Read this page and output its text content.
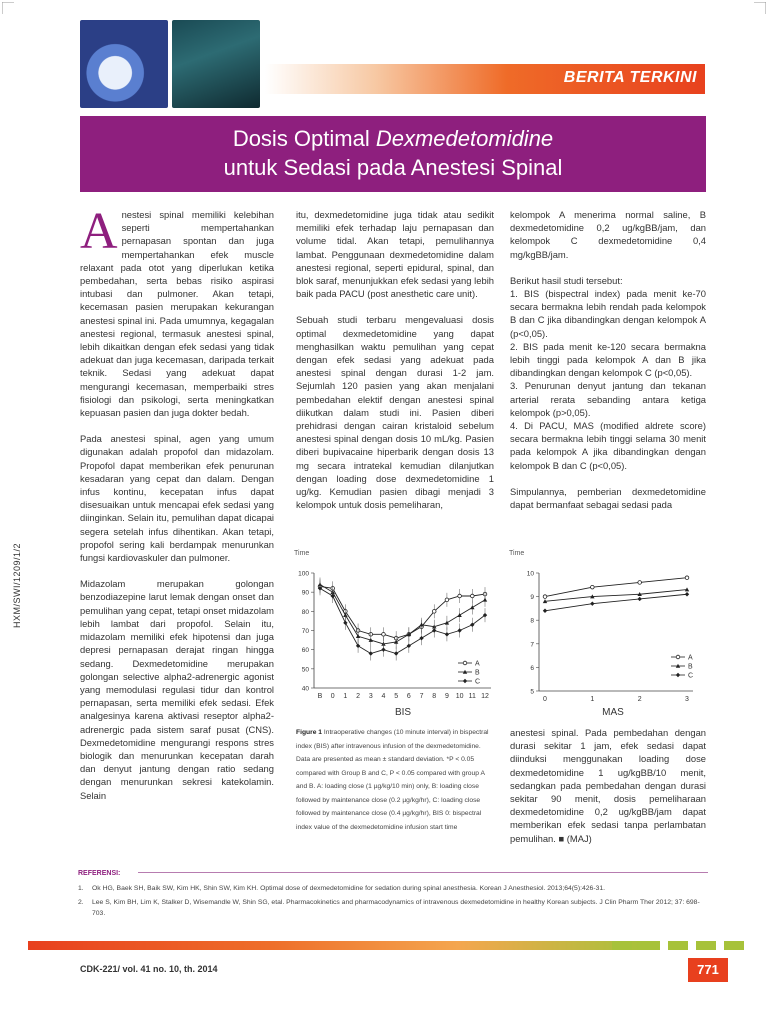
BERITA TERKINI
Dosis Optimal Dexmedetomidine
untuk Sedasi pada Anestesi Spinal
HXM/SWI/1209/1/2

Anestesi spinal memiliki kelebihan seperti mempertahankan pernapasan spontan dan juga mempertahankan efek muscle relaxant pada otot yang diperlukan ketika pembedahan, serta bebas risiko aspirasi intubasi dan pulmoner. Akan tetapi, kecemasan pasien merupakan kekurangan anestesi spinal ini. Pada umumnya, kegagalan anestesi regional, termasuk anestesi spinal, lebih dikaitkan dengan efek sedasi yang tidak adekuat dan juga kecemasan, daripada terkait teknik. Sedasi yang adekuat dapat mengurangi kecemasan, memperbaiki stres fisiologi dan psikologi, serta meningkatkan kepuasan pasien dan juga dokter bedah.

Pada anestesi spinal, agen yang umum digunakan adalah propofol dan midazolam. Propofol dapat memberikan efek penurunan kesadaran yang cepat dan dalam. Dengan infus kontinu, kecepatan infus dapat disesuaikan untuk mencapai efek sedasi yang diinginkan. Selain itu, pemulihan dapat dicapai segera setelah infus dihentikan. Akan tetapi, propofol sering kali berdampak menurunkan fungsi kardiovaskuler dan pulmoner.

Midazolam merupakan golongan benzodiazepine larut lemak dengan onset dan pemulihan yang cepat, tetapi onset midazolam lebih lambat dari propofol. Selain itu, midazolam memiliki efek hipotensi dan juga depresi pernapasan derajat ringan hingga sedang. Dexmedetomidine merupakan golongan selective alpha2-adrenergic agonist yang memodulasi regulasi tidur dan kontrol pernapasan, serta memiliki efek sedasi. Efek analgesinya karena aktivasi reseptor alpha2-adrenergic pada sistem saraf pusat (CNS). Dexmedetomidine mengurangi respons stres biologik dan menurunkan kecepatan darah dan denyut jantung dengan ratio sedang dengan menurunkan sekresi katekolamin. Selain

itu, dexmedetomidine juga tidak atau sedikit memiliki efek terhadap laju pernapasan dan volume tidal. Akan tetapi, pemulihannya lambat. Penggunaan dexmedetomidine dalam anestesi regional, seperti epidural, spinal, dan blok saraf, menunjukkan efek sedasi yang lebih baik pada PACU (post anesthetic care unit).

Sebuah studi terbaru mengevaluasi dosis optimal dexmedetomidine yang dapat menghasilkan waktu pemulihan yang cepat dengan efek sedasi yang adekuat pada anestesi spinal dengan durasi 1-2 jam. Sejumlah 120 pasien yang akan menjalani pembedahan elektif dengan anestesi spinal diikutkan dalam studi ini. Pasien diberi prehidrasi dengan cairan kristaloid sebelum anestesi spinal dengan dosis 10 mL/kg. Pasien diberi bupivacaine hiperbarik dengan dosis 13 mg secara intratekal kemudian dilanjutkan dengan loading dose dexmedetomidine 1 ug/kg. Kemudian pasien dibagi menjadi 3 kelompok untuk dosis pemeliharan,

kelompok A menerima normal saline, B dexmedetomidine 0,2 ug/kgBB/jam, dan kelompok C dexmedetomidine 0,4 mg/kgBB/jam.

Berikut hasil studi tersebut:

1. BIS (bispectral index) pada menit ke-70 secara bermakna lebih rendah pada kelompok B dan C jika dibandingkan dengan kelompok A (p<0,05).

2. BIS pada menit ke-120 secara bermakna lebih tinggi pada kelompok A dan B jika dibandingkan dengan kelompok C (p<0,05).

3. Penurunan denyut jantung dan tekanan arterial rerata sebanding antara ketiga kelompok (p>0,05).

4. Di PACU, MAS (modified aldrete score) secara bermakna lebih tinggi selama 30 menit pada kelompok A jika dibandingkan dengan kelompok B dan C (p<0,05).

Simpulannya, pemberian dexmedetomidine dapat bermanfaat sebagai sedasi pada

anestesi spinal. Pada pembedahan dengan durasi sekitar 1 jam, efek sedasi dapat diinduksi menggunakan loading dose dexmedetomidine 1 ug/kgBB/10 menit, sedangkan pada pembedahan dengan durasi sekitar 90 menit, dosis pemeliharaan dexmedetomidine 0,2 ug/kgBB/jam dapat memberikan efek sedasi tanpa perlambatan pemulihan. ■ (MAJ)

Time
40
50
60
70
80
90
100
B 0 1 2 3 4 5 6 7 8 9 10 11 12
A
B
C
BIS
Time
5
6
7
8
9
10
0	1	2	3
A
B
C
MAS
Figure 1 Intraoperative changes (10 minute interval) in bispectral index (BIS) after intravenous infusion of the dexmedetomidine. Data are presented as mean ± standard deviation. *P < 0.05 compared with Group B and C, P < 0.05 compared with group A and B. A: loading close (1 µg/kg/10 min) only, B: loading close followed by maintenance close (0.2 µg/kg/hr), C: loading close followed by maintenance close (0.4 µg/kg/hr), BIS 0: bispectral index value of the dexmedetomidine infusion start time
REFERENSI:
1.	Ok HG, Baek SH, Baik SW, Kim HK, Shin SW, Kim KH. Optimal dose of dexmedetomidine for sedation during spinal anesthesia. Korean J Anesthesiol. 2013;64(5):426-31.
2.	Lee S, Kim BH, Lim K, Stalker D, Wisemandle W, Shin SG, etal. Pharmacokinetics and pharmacodynamics of intravenous dexmedetomidine in healthy Korean subjects. J Clin Pharm Ther 2012; 37: 698-703.
CDK-221/ vol. 41 no. 10, th. 2014	771
